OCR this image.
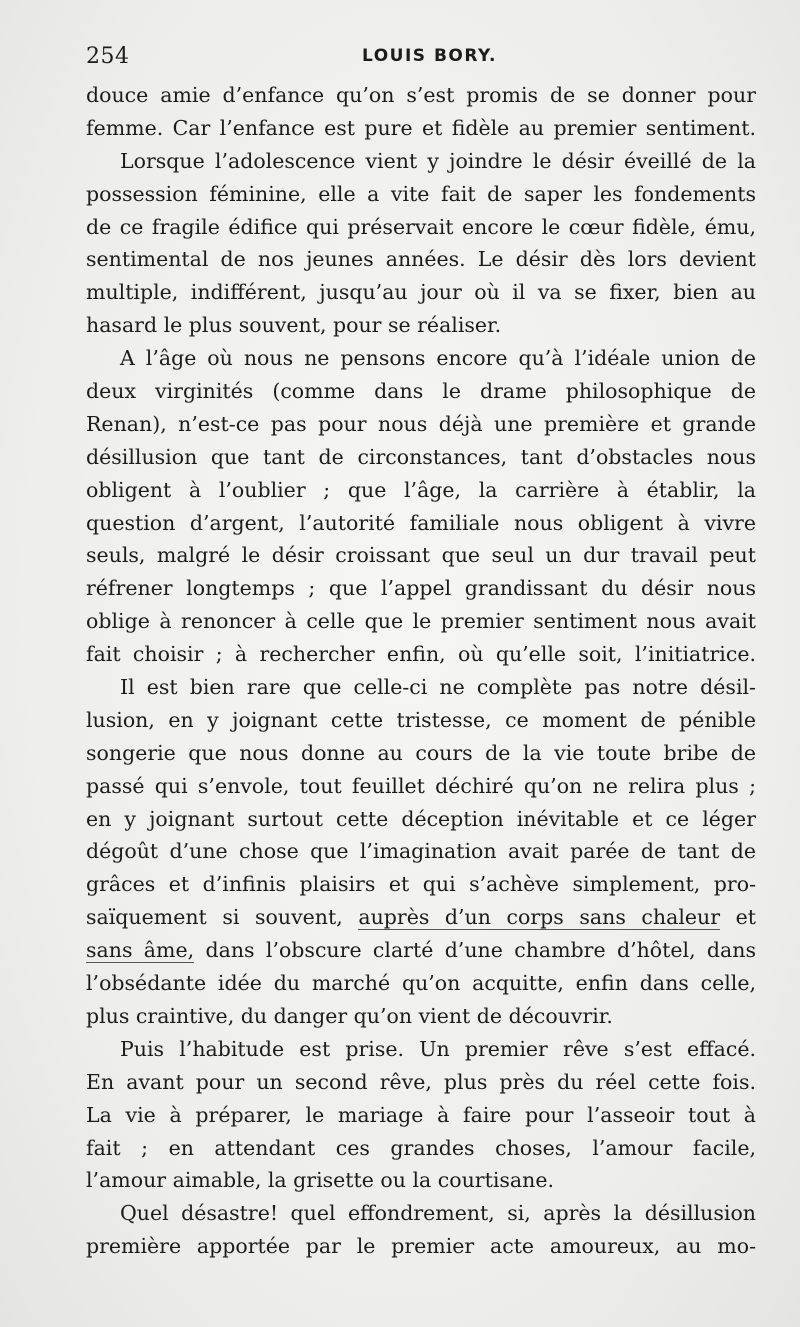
254	LOUIS BORY.
douce amie d’enfance qu’on s’est promis de se donner pour
femme. Car l’enfance est pure et fidèle au premier sentiment.
Lorsque l’adolescence vient y joindre le désir éveillé de la
possession féminine, elle a vite fait de saper les fondements
de ce fragile édifice qui préservait encore le cœur fidèle, ému,
sentimental de nos jeunes années. Le désir dès lors devient
multiple, indifférent, jusqu’au jour où il va se fixer, bien au
hasard le plus souvent, pour se réaliser.
A l’âge où nous ne pensons encore qu’à l’idéale union de
deux virginités (comme dans le drame philosophique de
Renan), n’est-ce pas pour nous déjà une première et grande
désillusion que tant de circonstances, tant d’obstacles nous
obligent à l’oublier ; que l’âge, la carrière à établir, la
question d’argent, l’autorité familiale nous obligent à vivre
seuls, malgré le désir croissant que seul un dur travail peut
réfrener longtemps ; que l’appel grandissant du désir nous
oblige à renoncer à celle que le premier sentiment nous avait
fait choisir ; à rechercher enfin, où qu’elle soit, l’initiatrice.
Il est bien rare que celle-ci ne complète pas notre désil-
lusion, en y joignant cette tristesse, ce moment de pénible
songerie que nous donne au cours de la vie toute bribe de
passé qui s’envole, tout feuillet déchiré qu’on ne relira plus ;
en y joignant surtout cette déception inévitable et ce léger
dégoût d’une chose que l’imagination avait parée de tant de
grâces et d’infinis plaisirs et qui s’achève simplement, pro-
saïquement si souvent, auprès d’un corps sans chaleur et
sans âme, dans l’obscure clarté d’une chambre d’hôtel, dans
l’obsédante idée du marché qu’on acquitte, enfin dans celle,
plus craintive, du danger qu’on vient de découvrir.
Puis l’habitude est prise. Un premier rêve s’est effacé.
En avant pour un second rêve, plus près du réel cette fois.
La vie à préparer, le mariage à faire pour l’asseoir tout à
fait ; en attendant ces grandes choses, l’amour facile,
l’amour aimable, la grisette ou la courtisane.
Quel désastre! quel effondrement, si, après la désillusion
première apportée par le premier acte amoureux, au mo-
